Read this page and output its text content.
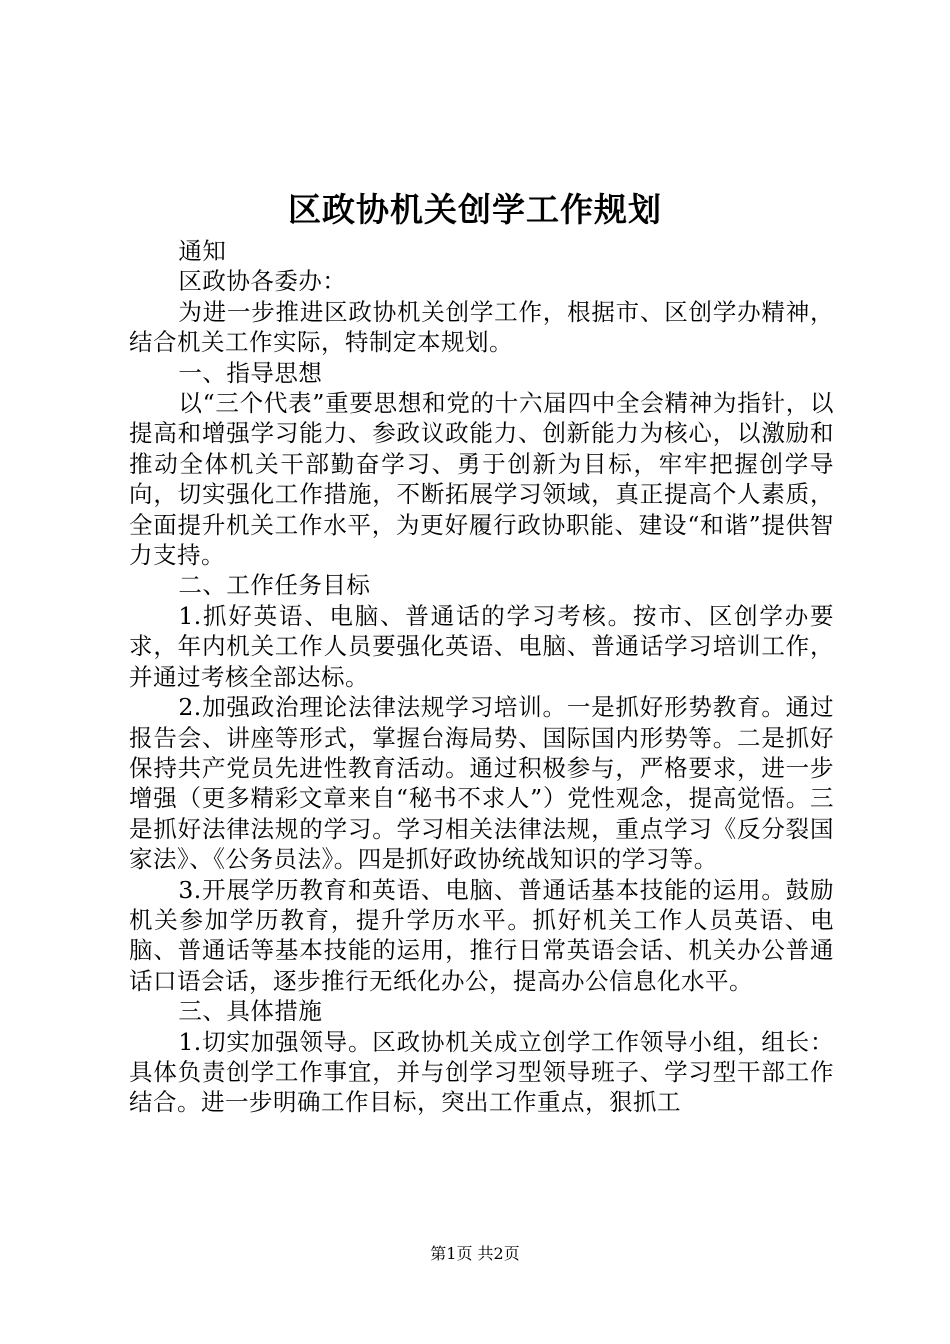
区政协机关创学工作规划

通知

区政协各委办：

为进一步推进区政协机关创学工作，根据市、区创学办精神，结合机关工作实际，特制定本规划。

一、指导思想

以“三个代表”重要思想和党的十六届四中全会精神为指针，以提高和增强学习能力、参政议政能力、创新能力为核心，以激励和推动全体机关干部勤奋学习、勇于创新为目标，牢牢把握创学导向，切实强化工作措施，不断拓展学习领域，真正提高个人素质，全面提升机关工作水平，为更好履行政协职能、建设“和谐”提供智力支持。

二、工作任务目标

1.抓好英语、电脑、普通话的学习考核。按市、区创学办要求，年内机关工作人员要强化英语、电脑、普通话学习培训工作，并通过考核全部达标。

2.加强政治理论法律法规学习培训。一是抓好形势教育。通过报告会、讲座等形式，掌握台海局势、国际国内形势等。二是抓好保持共产党员先进性教育活动。通过积极参与，严格要求，进一步增强（更多精彩文章来自“秘书不求人”）党性观念，提高觉悟。三是抓好法律法规的学习。学习相关法律法规，重点学习《反分裂国家法》、《公务员法》。四是抓好政协统战知识的学习等。

3.开展学历教育和英语、电脑、普通话基本技能的运用。鼓励机关参加学历教育，提升学历水平。抓好机关工作人员英语、电脑、普通话等基本技能的运用，推行日常英语会话、机关办公普通话口语会话，逐步推行无纸化办公，提高办公信息化水平。

三、具体措施

1.切实加强领导。区政协机关成立创学工作领导小组，组长：具体负责创学工作事宜，并与创学习型领导班子、学习型干部工作结合。进一步明确工作目标，突出工作重点，狠抓工

第1页 共2页
